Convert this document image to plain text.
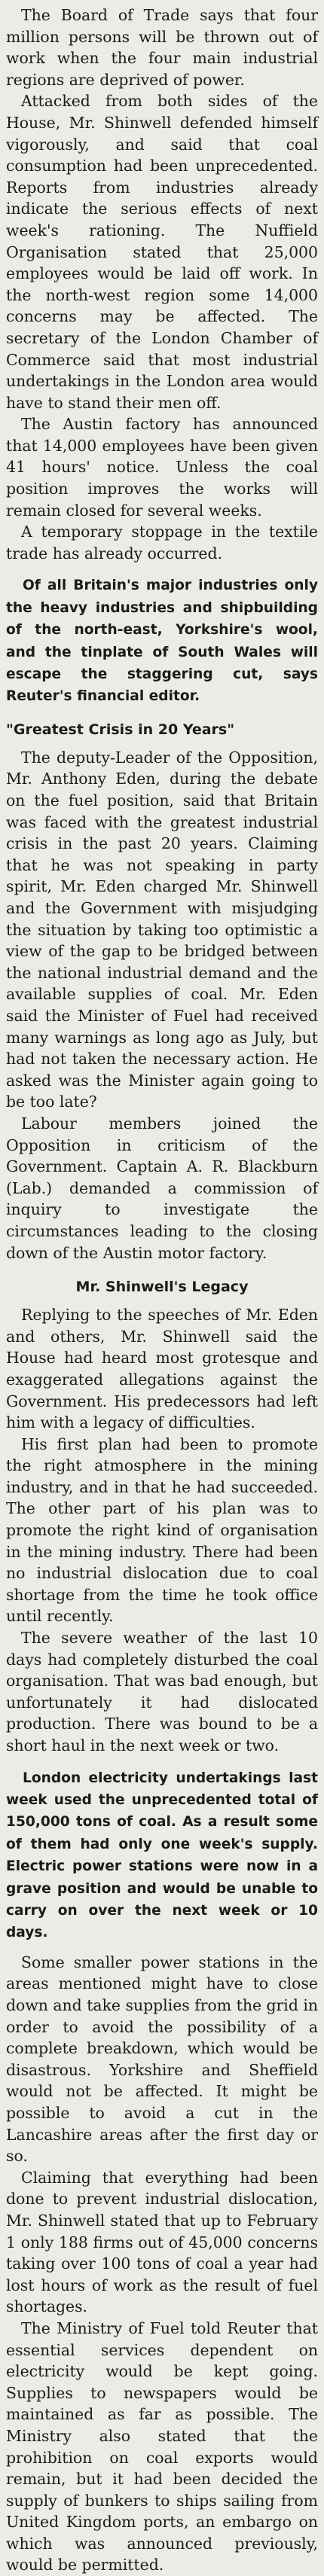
The Board of Trade says that four million persons will be thrown out of work when the four main industrial regions are deprived of power.

Attacked from both sides of the House, Mr. Shinwell defended himself vigorously, and said that coal consumption had been unprecedented. Reports from industries already indicate the serious effects of next week's rationing. The Nuffield Organisation stated that 25,000 employees would be laid off work. In the north-west region some 14,000 concerns may be affected. The secretary of the London Chamber of Commerce said that most industrial undertakings in the London area would have to stand their men off.

The Austin factory has announced that 14,000 employees have been given 41 hours' notice. Unless the coal position improves the works will remain closed for several weeks.

A temporary stoppage in the textile trade has already occurred.

Of all Britain's major industries only the heavy industries and shipbuilding of the north-east, Yorkshire's wool, and the tinplate of South Wales will escape the staggering cut, says Reuter's financial editor.

"Greatest Crisis in 20 Years"

The deputy-Leader of the Opposition, Mr. Anthony Eden, during the debate on the fuel position, said that Britain was faced with the greatest industrial crisis in the past 20 years. Claiming that he was not speaking in party spirit, Mr. Eden charged Mr. Shinwell and the Government with misjudging the situation by taking too optimistic a view of the gap to be bridged between the national industrial demand and the available supplies of coal. Mr. Eden said the Minister of Fuel had received many warnings as long ago as July, but had not taken the necessary action. He asked was the Minister again going to be too late?

Labour members joined the Opposition in criticism of the Government. Captain A. R. Blackburn (Lab.) demanded a commission of inquiry to investigate the circumstances leading to the closing down of the Austin motor factory.

Mr. Shinwell's Legacy

Replying to the speeches of Mr. Eden and others, Mr. Shinwell said the House had heard most grotesque and exaggerated allegations against the Government. His predecessors had left him with a legacy of difficulties.

His first plan had been to promote the right atmosphere in the mining industry, and in that he had succeeded. The other part of his plan was to promote the right kind of organisation in the mining industry. There had been no industrial dislocation due to coal shortage from the time he took office until recently.

The severe weather of the last 10 days had completely disturbed the coal organisation. That was bad enough, but unfortunately it had dislocated production. There was bound to be a short haul in the next week or two.

London electricity undertakings last week used the unprecedented total of 150,000 tons of coal. As a result some of them had only one week's supply. Electric power stations were now in a grave position and would be unable to carry on over the next week or 10 days.

Some smaller power stations in the areas mentioned might have to close down and take supplies from the grid in order to avoid the possibility of a complete breakdown, which would be disastrous. Yorkshire and Sheffield would not be affected. It might be possible to avoid a cut in the Lancashire areas after the first day or so.

Claiming that everything had been done to prevent industrial dislocation, Mr. Shinwell stated that up to February 1 only 188 firms out of 45,000 concerns taking over 100 tons of coal a year had lost hours of work as the result of fuel shortages.

The Ministry of Fuel told Reuter that essential services dependent on electricity would be kept going. Supplies to newspapers would be maintained as far as possible. The Ministry also stated that the prohibition on coal exports would remain, but it had been decided the supply of bunkers to ships sailing from United Kingdom ports, an embargo on which was announced previously, would be permitted.
